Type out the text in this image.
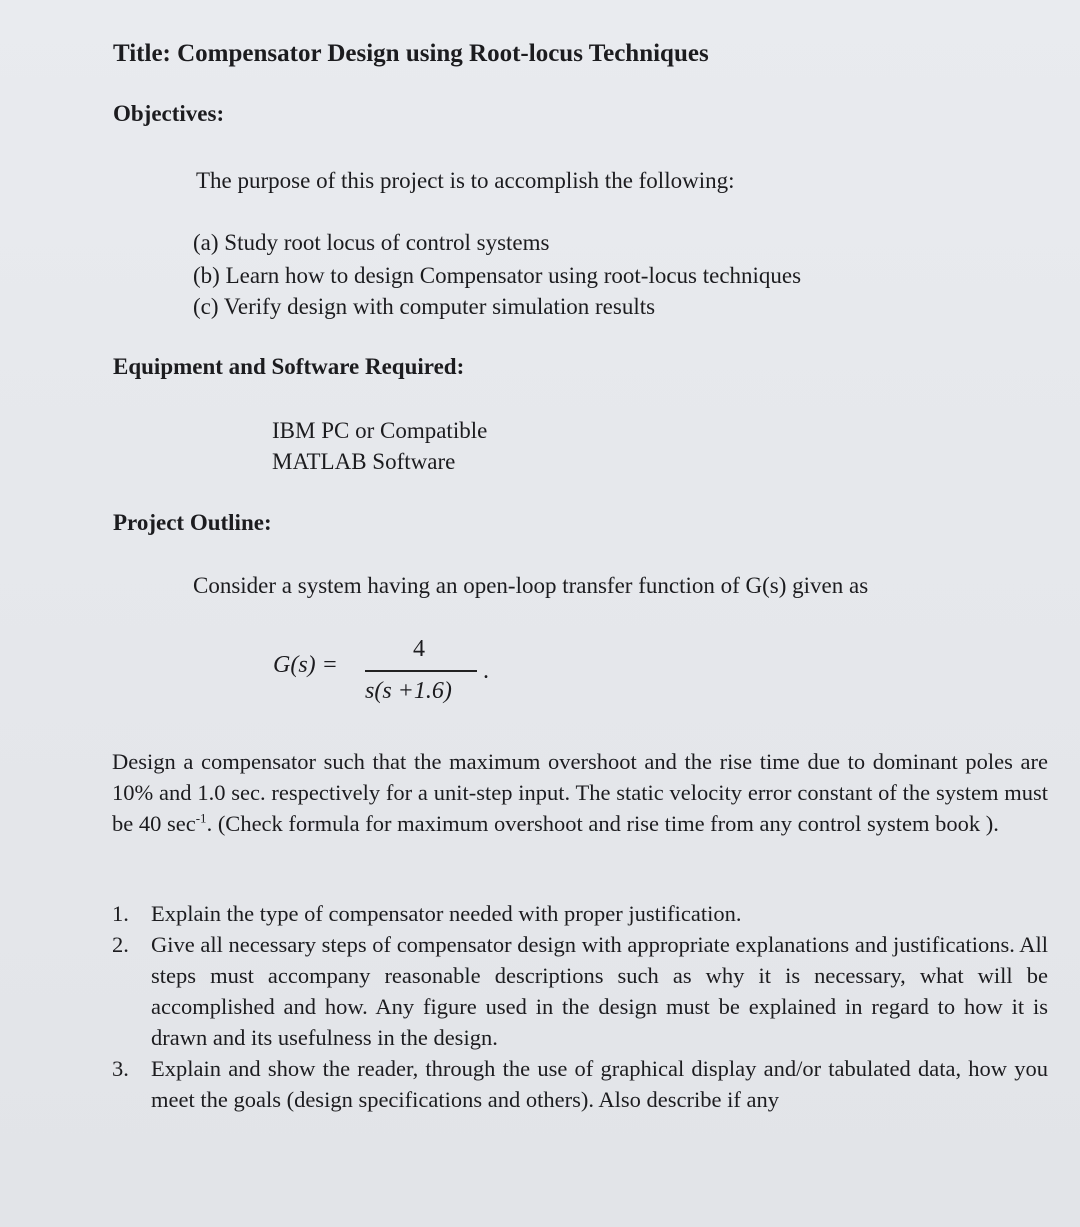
Title: Compensator Design using Root-locus Techniques
Objectives:
The purpose of this project is to accomplish the following:
(a) Study root locus of control systems
(b) Learn how to design Compensator using root-locus techniques
(c) Verify design with computer simulation results
Equipment and Software Required:
IBM PC or Compatible
MATLAB Software
Project Outline:
Consider a system having an open-loop transfer function of G(s) given as
G(s) =
4
s(s +1.6)
.
Design a compensator such that the maximum overshoot and the rise time due to dominant poles are 10% and 1.0 sec. respectively for a unit-step input. The static velocity error constant of the system must be 40 $\sec^{-1}$. (Check formula for maximum overshoot and rise time from any control system book ).
1. Explain the type of compensator needed with proper justification.
2. Give all necessary steps of compensator design with appropriate explanations and justifications. All steps must accompany reasonable descriptions such as why it is necessary, what will be accomplished and how. Any figure used in the design must be explained in regard to how it is drawn and its usefulness in the design.
3. Explain and show the reader, through the use of graphical display and/or tabulated data, how you meet the goals (design specifications and others). Also describe if any
